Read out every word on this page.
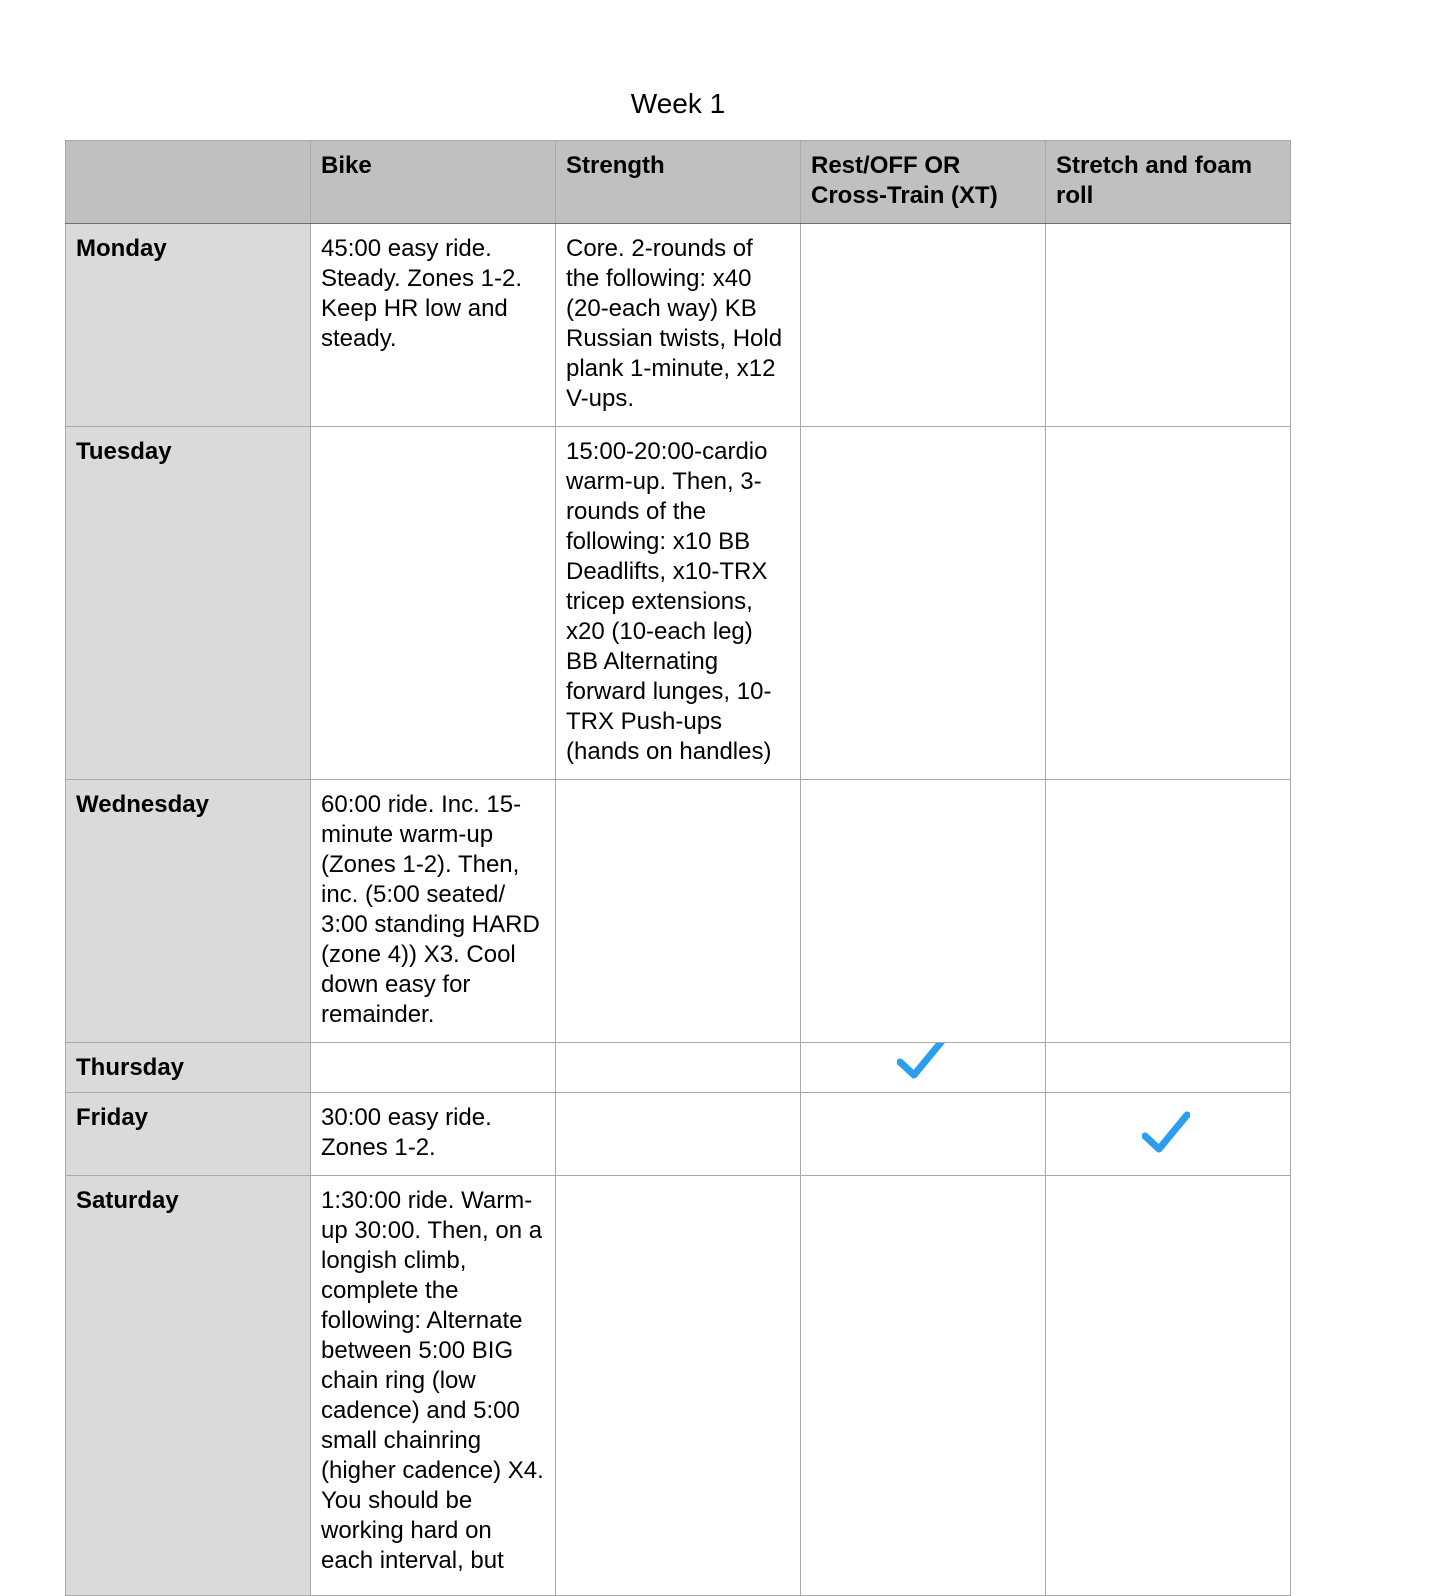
Week 1
	Bike	Strength	Rest/OFF OR Cross-Train (XT)	Stretch and foam roll
Monday	45:00 easy ride. Steady. Zones 1-2. Keep HR low and steady.	Core. 2-rounds of the following: x40 (20-each way) KB Russian twists, Hold plank 1-minute, x12 V-ups.		
Tuesday		15:00-20:00-cardio warm-up. Then, 3-rounds of the following: x10 BB Deadlifts, x10-TRX tricep extensions, x20 (10-each leg) BB Alternating forward lunges, 10-TRX Push-ups (hands on handles)		
Wednesday	60:00 ride. Inc. 15-minute warm-up (Zones 1-2). Then, inc. (5:00 seated/ 3:00 standing HARD (zone 4)) X3. Cool down easy for remainder.			
Thursday			

Friday	30:00 easy ride. Zones 1-2.			

Saturday	1:30:00 ride. Warm-up 30:00. Then, on a longish climb, complete the following: Alternate between 5:00 BIG chain ring (low cadence) and 5:00 small chainring (higher cadence) X4. You should be working hard on each interval, but			
